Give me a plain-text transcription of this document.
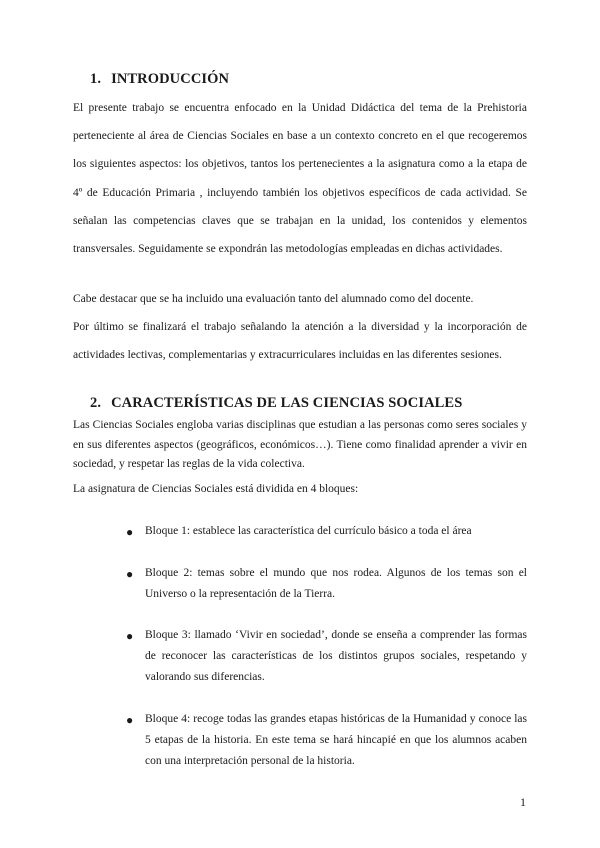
1. INTRODUCCIÓN

El presente trabajo se encuentra enfocado en la Unidad Didáctica del tema de la Prehistoria perteneciente al área de Ciencias Sociales en base a un contexto concreto en el que recogeremos los siguientes aspectos: los objetivos, tantos los pertenecientes a la asignatura como a la etapa de 4º de Educación Primaria , incluyendo también los objetivos específicos de cada actividad. Se señalan las competencias claves que se trabajan en la unidad, los contenidos y elementos transversales. Seguidamente se expondrán las metodologías empleadas en dichas actividades.

Cabe destacar que se ha incluido una evaluación tanto del alumnado como del docente.

Por último se finalizará el trabajo señalando la atención a la diversidad y la incorporación de actividades lectivas, complementarias y extracurriculares incluidas en las diferentes sesiones.

2. CARACTERÍSTICAS DE LAS CIENCIAS SOCIALES

Las Ciencias Sociales engloba varias disciplinas que estudian a las personas como seres sociales y en sus diferentes aspectos (geográficos, económicos…). Tiene como finalidad aprender a vivir en sociedad, y respetar las reglas de la vida colectiva.

La asignatura de Ciencias Sociales está dividida en 4 bloques:

● Bloque 1: establece las característica del currículo básico a toda el área

● Bloque 2: temas sobre el mundo que nos rodea. Algunos de los temas son el Universo o la representación de la Tierra.

● Bloque 3: llamado ‘Vivir en sociedad’, donde se enseña a comprender las formas de reconocer las características de los distintos grupos sociales, respetando y valorando sus diferencias.

● Bloque 4: recoge todas las grandes etapas históricas de la Humanidad y conoce las 5 etapas de la historia. En este tema se hará hincapié en que los alumnos acaben con una interpretación personal de la historia.

1
